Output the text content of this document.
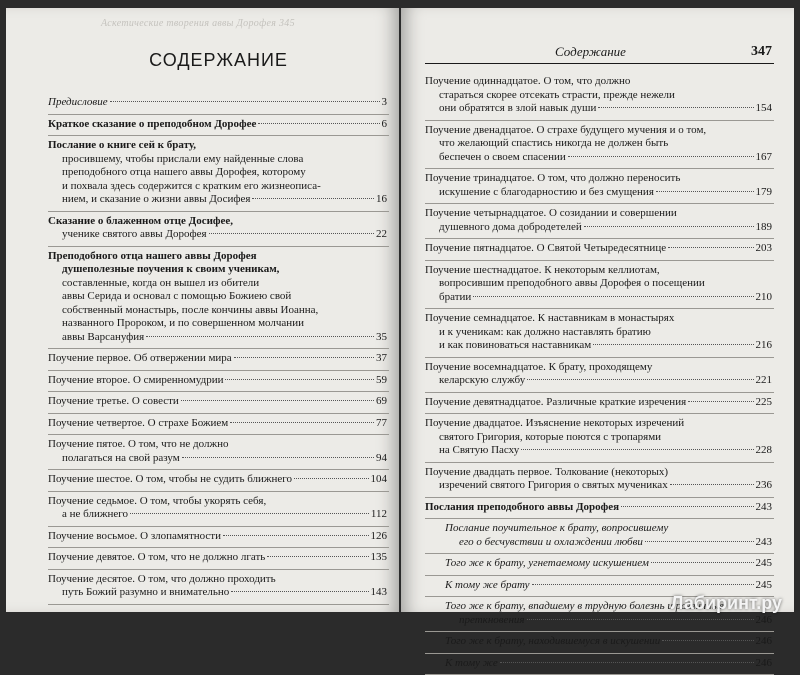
Аскетические творения аввы Дорофея 345
СОДЕРЖАНИЕ
Предисловие	3
Краткое сказание о преподобном Дорофее	6
Послание о книге сей к брату,
просившему, чтобы прислали ему найденные слова
преподобного отца нашего аввы Дорофея, которому
и похвала здесь содержится с кратким его жизнеописа-
нием, и сказание о жизни аввы Досифея	16
Сказание о блаженном отце Досифее,
ученике святого аввы Дорофея	22
Преподобного отца нашего аввы Дорофея
душеполезные поучения к своим ученикам,
составленные, когда он вышел из обители
аввы Серида и основал с помощью Божиею свой
собственный монастырь, после кончины аввы Иоанна,
названного Пророком, и по совершенном молчании
аввы Варсануфия	35
Поучение первое. Об отвержении мира	37
Поучение второе. О смиренномудрии	59
Поучение третье. О совести	69
Поучение четвертое. О страхе Божием	77
Поучение пятое. О том, что не должно
полагаться на свой разум	94
Поучение шестое. О том, чтобы не судить ближнего	104
Поучение седьмое. О том, чтобы укорять себя,
а не ближнего	112
Поучение восьмое. О злопамятности	126
Поучение девятое. О том, что не должно лгать	135
Поучение десятое. О том, что должно проходить
путь Божий разумно и внимательно	143
Содержание	347
Поучение одиннадцатое. О том, что должно
стараться скорее отсекать страсти, прежде нежели
они обратятся в злой навык души	154
Поучение двенадцатое. О страхе будущего мучения и о том,
что желающий спастись никогда не должен быть
беспечен о своем спасении	167
Поучение тринадцатое. О том, что должно переносить
искушение с благодарностию и без смущения	179
Поучение четырнадцатое. О созидании и совершении
душевного дома добродетелей	189
Поучение пятнадцатое. О Святой Четыредесятнице	203
Поучение шестнадцатое. К некоторым келлиотам,
вопросившим преподобного аввы Дорофея о посещении
братии	210
Поучение семнадцатое. К наставникам в монастырях
и к ученикам: как должно наставлять братию
и как повиноваться наставникам	216
Поучение восемнадцатое. К брату, проходящему
келарскую службу	221
Поучение девятнадцатое. Различные краткие изречения	225
Поучение двадцатое. Изъяснение некоторых изречений
святого Григория, которые поются с тропарями
на Святую Пасху	228
Поучение двадцать первое. Толкование (некоторых)
изречений святого Григория о святых мучениках	236
Послания преподобного аввы Дорофея	243
Послание поучительное к брату, вопросившему
его о бесчувствии и охлаждении любви	243
Того же к брату, угнетаемому искушением	245
К тому же брату	245
Того же к брату, впадшему в трудную болезнь и различные
преткновения	246
Того же к брату, находившемуся в искушении	246
К тому же	246
Лабиринт.ру
